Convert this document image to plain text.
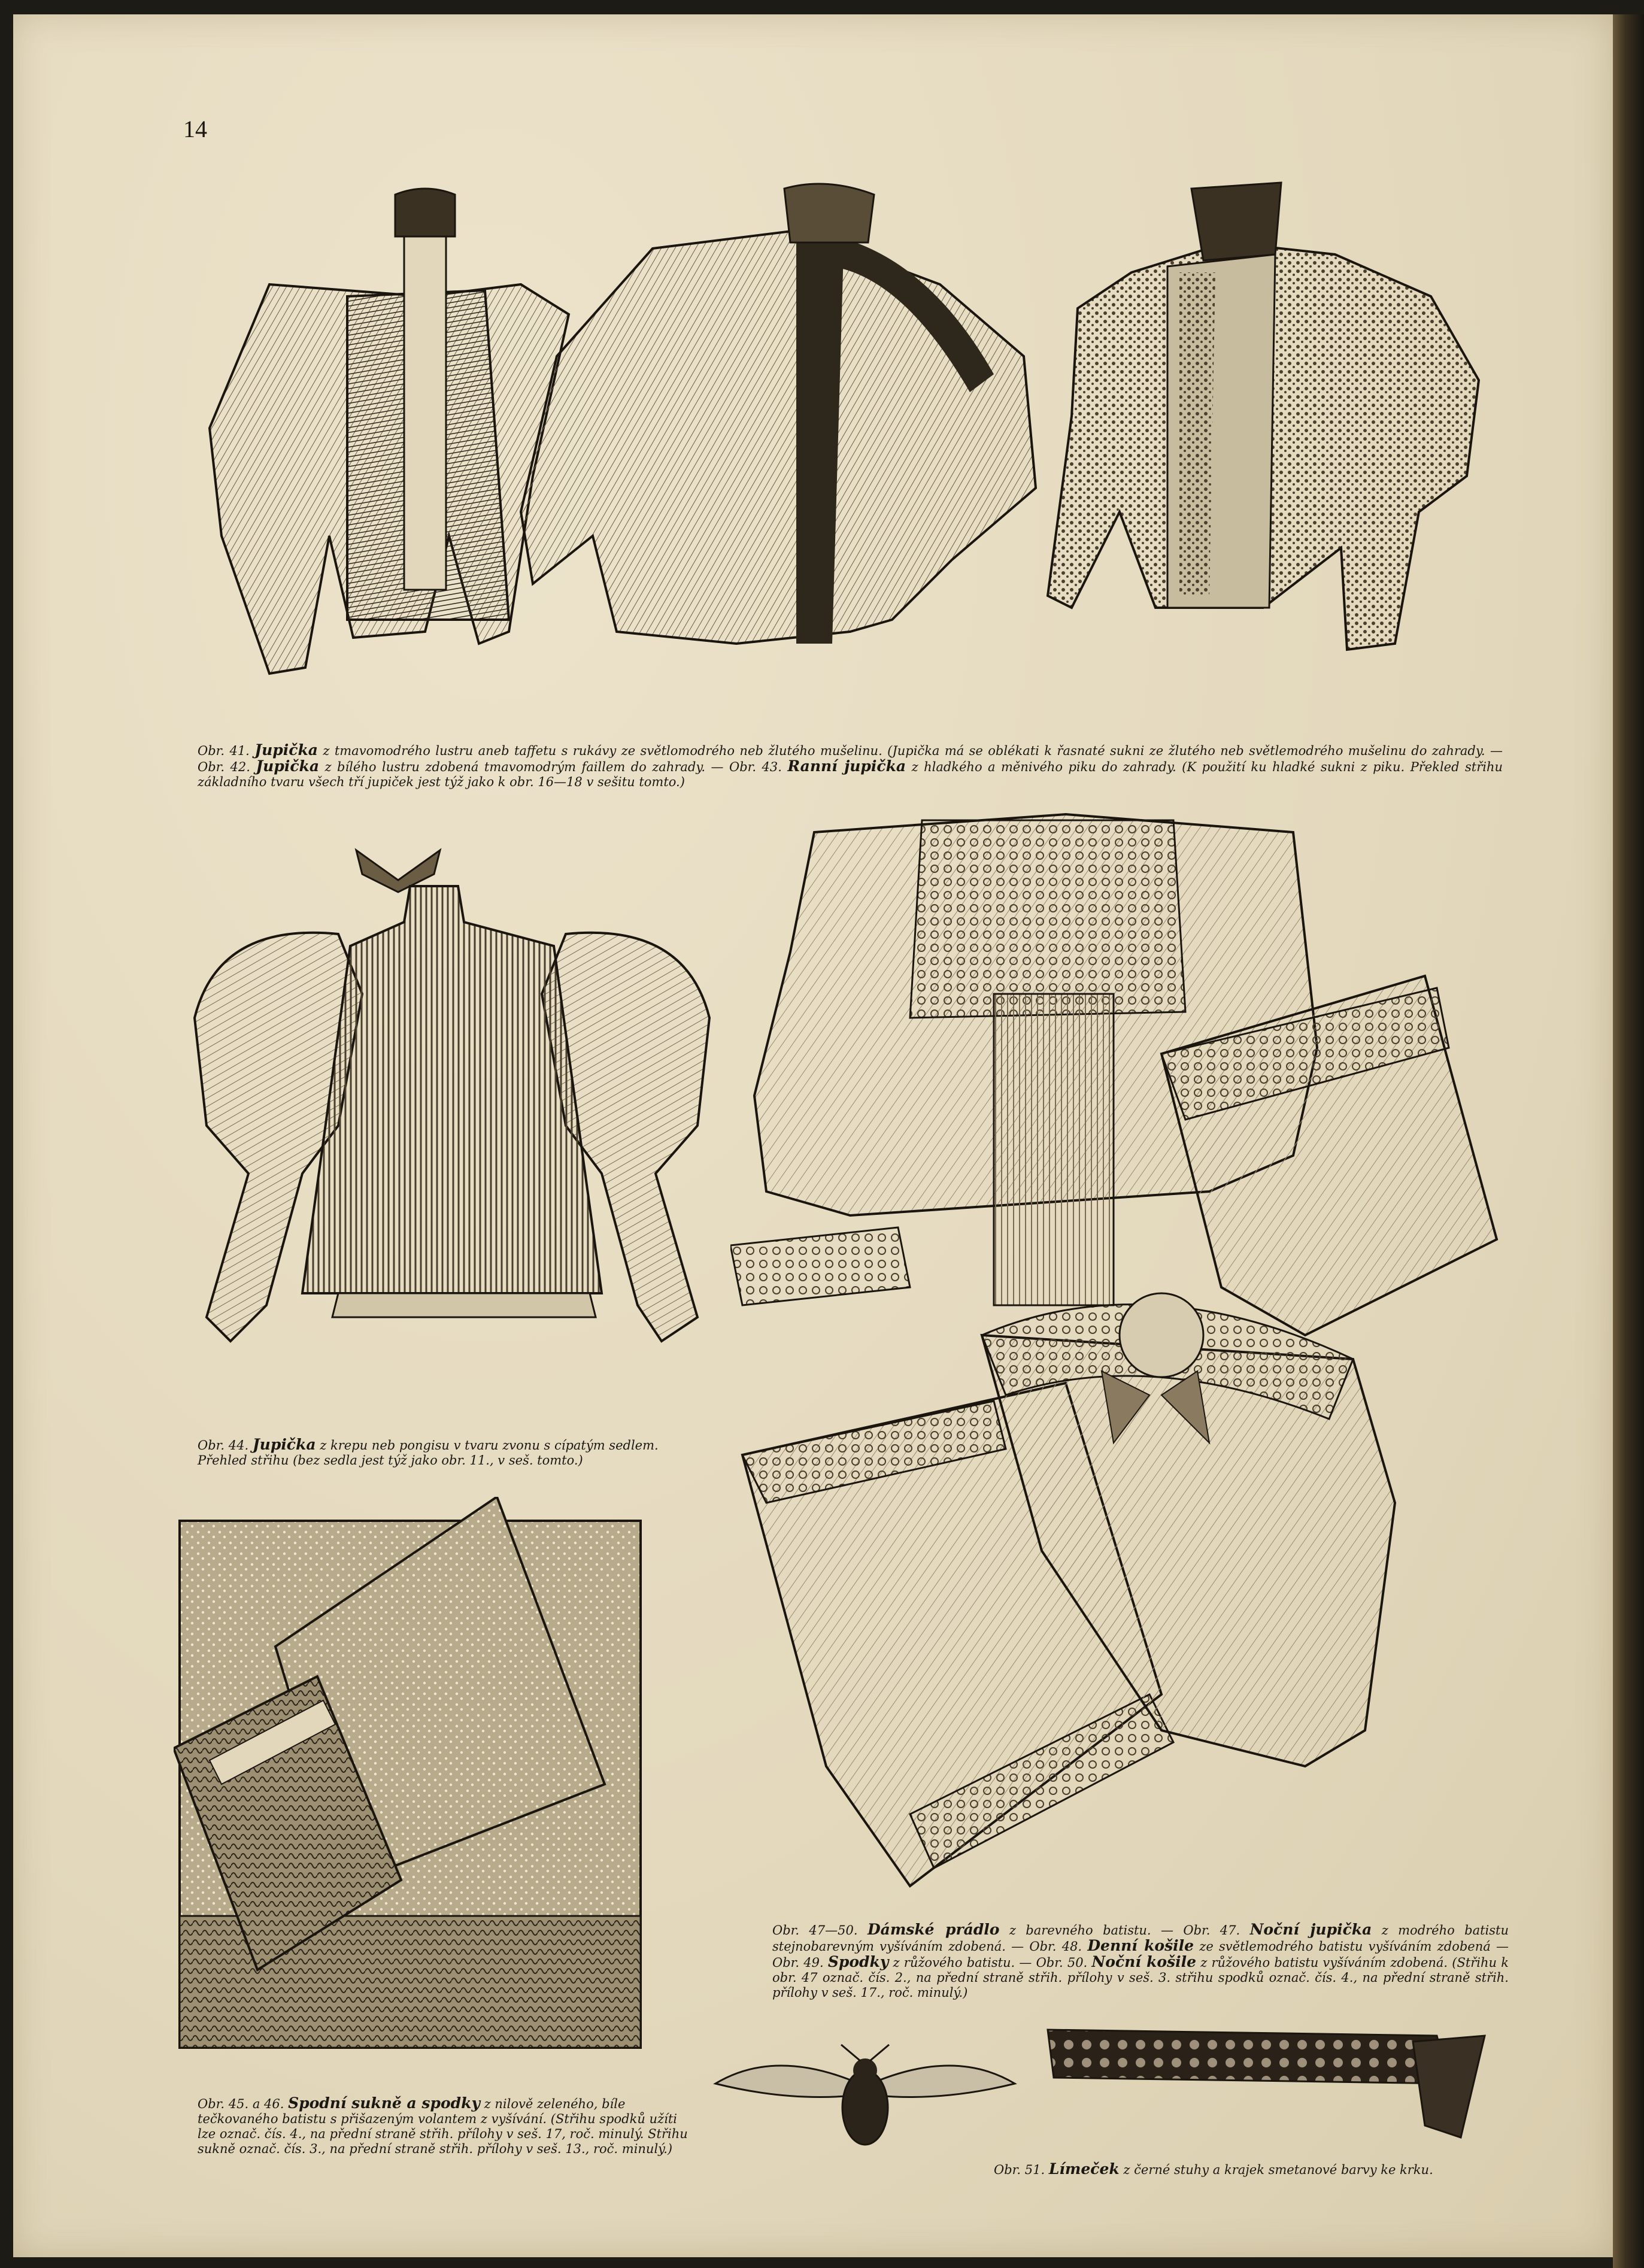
14
Obr. 41. Jupička z tmavomodrého lustru aneb taffetu s rukávy ze světlomodrého neb žlutého mušelinu. (Jupička má se oblékati k řasnaté sukni ze žlutého neb světlemodrého mušelinu do zahrady. — Obr. 42. Jupička z bílého lustru zdobená tmavomodrým faillem do zahrady. — Obr. 43. Ranní jupička z hladkého a měnivého piku do zahrady. (K použití ku hladké sukni z piku. Překled střihu základního tvaru všech tří jupiček jest týž jako k obr. 16—18 v sešitu tomto.)
Obr. 44. Jupička z krepu neb pongisu v tvaru zvonu s cípatým sedlem. Přehled střihu (bez sedla jest týž jako obr. 11., v seš. tomto.)
Obr. 47—50. Dámské prádlo z barevného batistu. — Obr. 47. Noční jupička z modrého batistu stejnobarevným vyšíváním zdobená. — Obr. 48. Denní košile ze světlemodrého batistu vyšíváním zdobená — Obr. 49. Spodky z růžového batistu. — Obr. 50. Noční košile z růžového batistu vyšíváním zdobená. (Střihu k obr. 47 označ. čís. 2., na přední straně střih. přílohy v seš. 3. střihu spodků označ. čís. 4., na přední straně střih. přílohy v seš. 17., roč. minulý.)
Obr. 45. a 46. Spodní sukně a spodky z nilově zeleného, bíle tečkovaného batistu s přišazeným volantem z vyšívání. (Střihu spodků užíti lze označ. čís. 4., na přední straně střih. přílohy v seš. 17, roč. minulý. Střihu sukně označ. čís. 3., na přední straně střih. přílohy v seš. 13., roč. minulý.)
Obr. 51. Límeček z černé stuhy a krajek smetanové barvy ke krku.
